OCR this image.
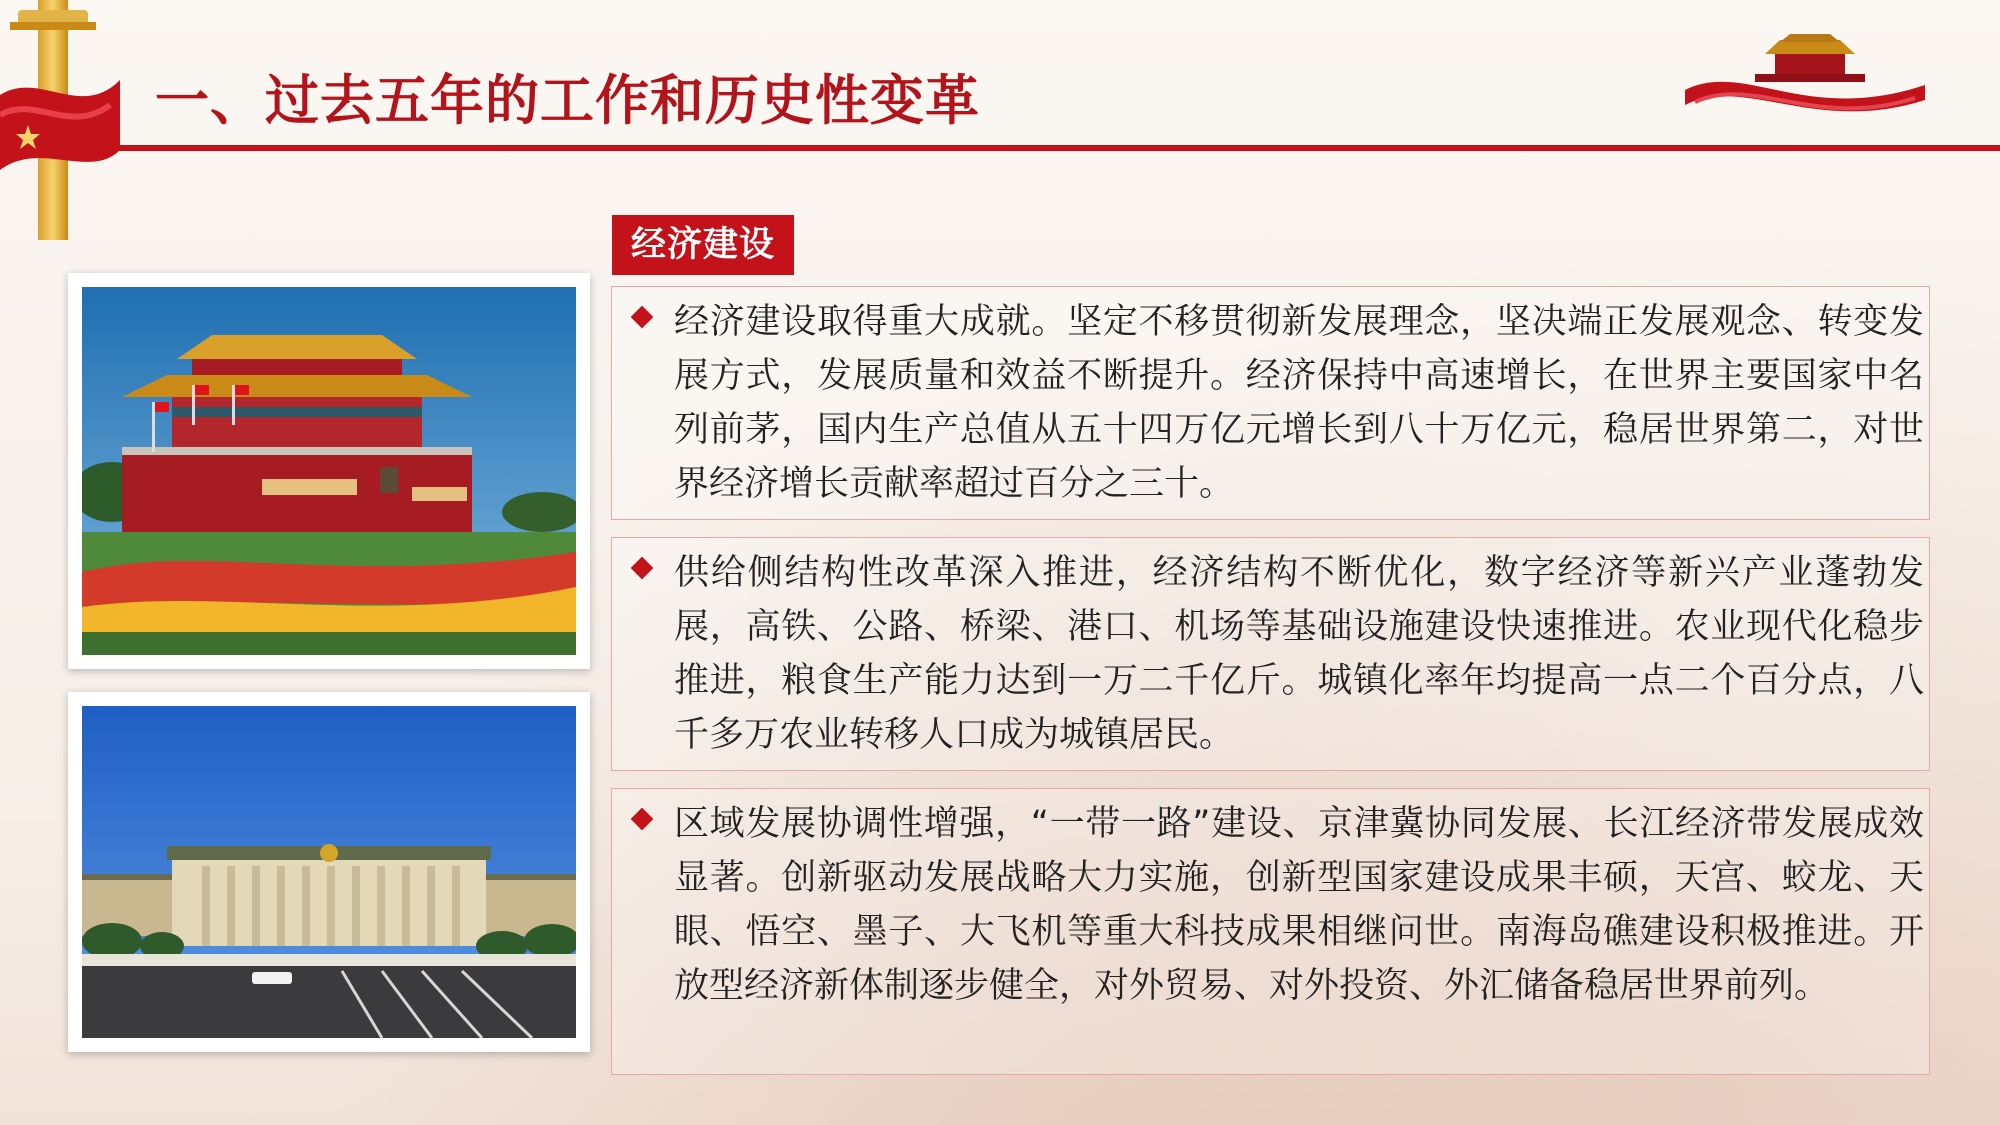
一、过去五年的工作和历史性变革
经济建设
经济建设取得重大成就。坚定不移贯彻新发展理念，坚决端正发展观念、转变发展方式，发展质量和效益不断提升。经济保持中高速增长，在世界主要国家中名列前茅，国内生产总值从五十四万亿元增长到八十万亿元，稳居世界第二，对世界经济增长贡献率超过百分之三十。
供给侧结构性改革深入推进，经济结构不断优化，数字经济等新兴产业蓬勃发展，高铁、公路、桥梁、港口、机场等基础设施建设快速推进。农业现代化稳步推进，粮食生产能力达到一万二千亿斤。城镇化率年均提高一点二个百分点，八千多万农业转移人口成为城镇居民。
区域发展协调性增强，“一带一路”建设、京津冀协同发展、长江经济带发展成效显著。创新驱动发展战略大力实施，创新型国家建设成果丰硕，天宫、蛟龙、天眼、悟空、墨子、大飞机等重大科技成果相继问世。南海岛礁建设积极推进。开放型经济新体制逐步健全，对外贸易、对外投资、外汇储备稳居世界前列。
